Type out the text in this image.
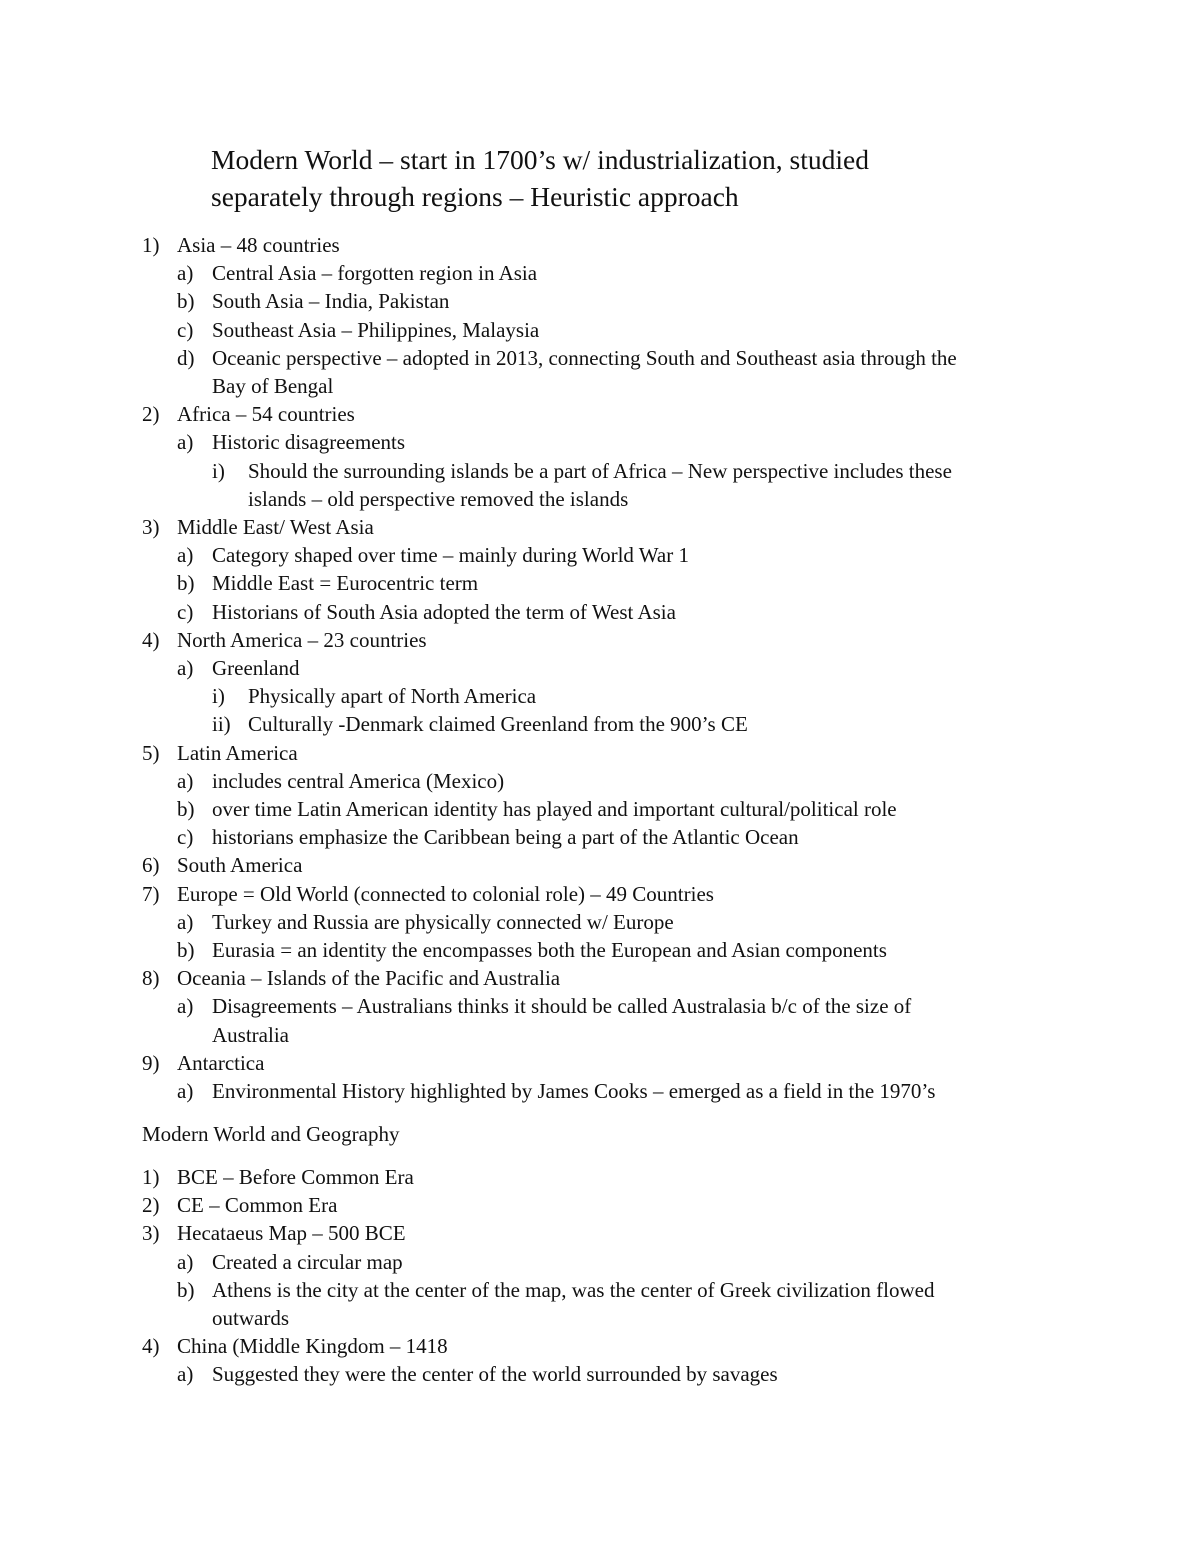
Modern World – start in 1700’s w/ industrialization, studied
separately through regions – Heuristic approach
1) Asia – 48 countries
a) Central Asia – forgotten region in Asia
b) South Asia – India, Pakistan
c) Southeast Asia – Philippines, Malaysia
d) Oceanic perspective – adopted in 2013, connecting South and Southeast asia through the
Bay of Bengal
2) Africa – 54 countries
a) Historic disagreements
i) Should the surrounding islands be a part of Africa – New perspective includes these
islands – old perspective removed the islands
3) Middle East/ West Asia
a) Category shaped over time – mainly during World War 1
b) Middle East = Eurocentric term
c) Historians of South Asia adopted the term of West Asia
4) North America – 23 countries
a) Greenland
i) Physically apart of North America
ii) Culturally -Denmark claimed Greenland from the 900’s CE
5) Latin America
a) includes central America (Mexico)
b) over time Latin American identity has played and important cultural/political role
c) historians emphasize the Caribbean being a part of the Atlantic Ocean
6) South America
7) Europe = Old World (connected to colonial role) – 49 Countries
a) Turkey and Russia are physically connected w/ Europe
b) Eurasia = an identity the encompasses both the European and Asian components
8) Oceania – Islands of the Pacific and Australia
a) Disagreements – Australians thinks it should be called Australasia b/c of the size of
Australia
9) Antarctica
a) Environmental History highlighted by James Cooks – emerged as a field in the 1970’s
Modern World and Geography
1) BCE – Before Common Era
2) CE – Common Era
3) Hecataeus Map – 500 BCE
a) Created a circular map
b) Athens is the city at the center of the map, was the center of Greek civilization flowed
outwards
4) China (Middle Kingdom – 1418
a) Suggested they were the center of the world surrounded by savages
